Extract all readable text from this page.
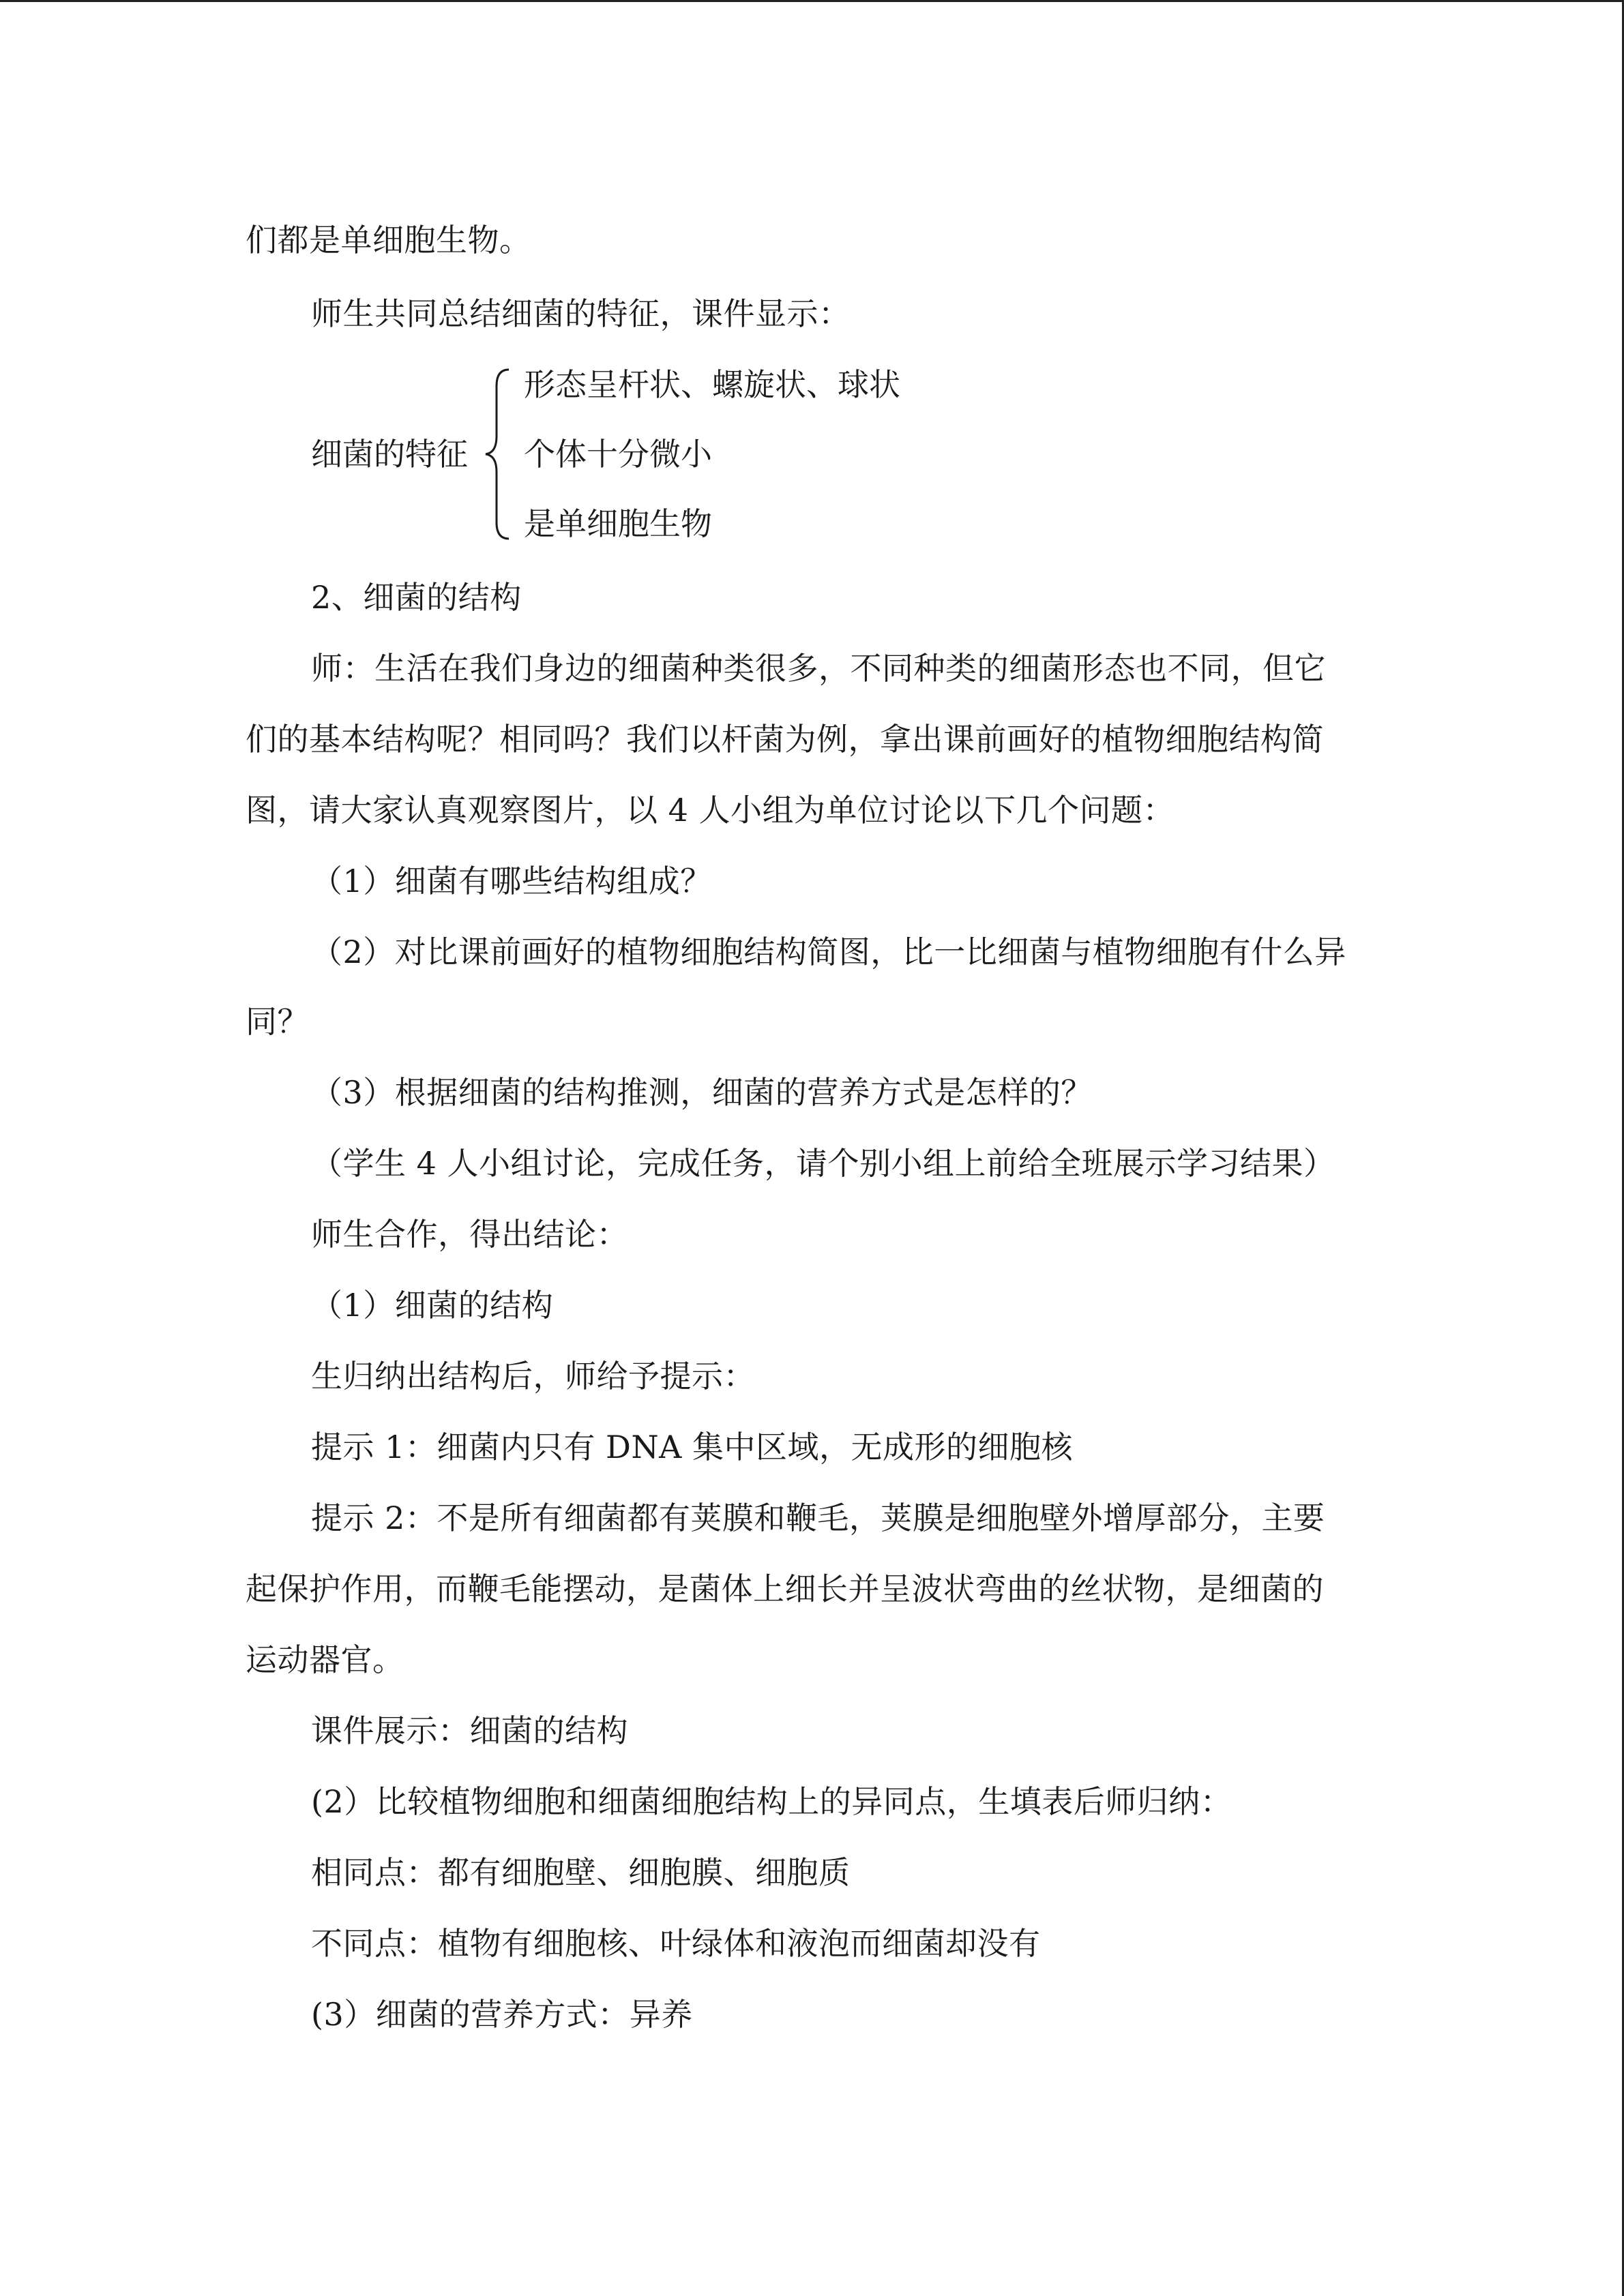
们都是单细胞生物。
师生共同总结细菌的特征，课件显示：
细菌的特征
形态呈杆状、螺旋状、球状
个体十分微小
是单细胞生物
2、细菌的结构
师：生活在我们身边的细菌种类很多，不同种类的细菌形态也不同，但它
们的基本结构呢？相同吗？我们以杆菌为例，拿出课前画好的植物细胞结构简
图，请大家认真观察图片，以 4 人小组为单位讨论以下几个问题：
（1）细菌有哪些结构组成？
（2）对比课前画好的植物细胞结构简图，比一比细菌与植物细胞有什么异
同？
（3）根据细菌的结构推测，细菌的营养方式是怎样的？
（学生 4 人小组讨论，完成任务，请个别小组上前给全班展示学习结果）
师生合作，得出结论：
（1）细菌的结构
生归纳出结构后，师给予提示：
提示 1：细菌内只有 DNA 集中区域，无成形的细胞核
提示 2：不是所有细菌都有荚膜和鞭毛，荚膜是细胞壁外增厚部分，主要
起保护作用，而鞭毛能摆动，是菌体上细长并呈波状弯曲的丝状物，是细菌的
运动器官。
课件展示：细菌的结构
(2）比较植物细胞和细菌细胞结构上的异同点，生填表后师归纳：
相同点：都有细胞壁、细胞膜、细胞质
不同点：植物有细胞核、叶绿体和液泡而细菌却没有
(3）细菌的营养方式：异养
